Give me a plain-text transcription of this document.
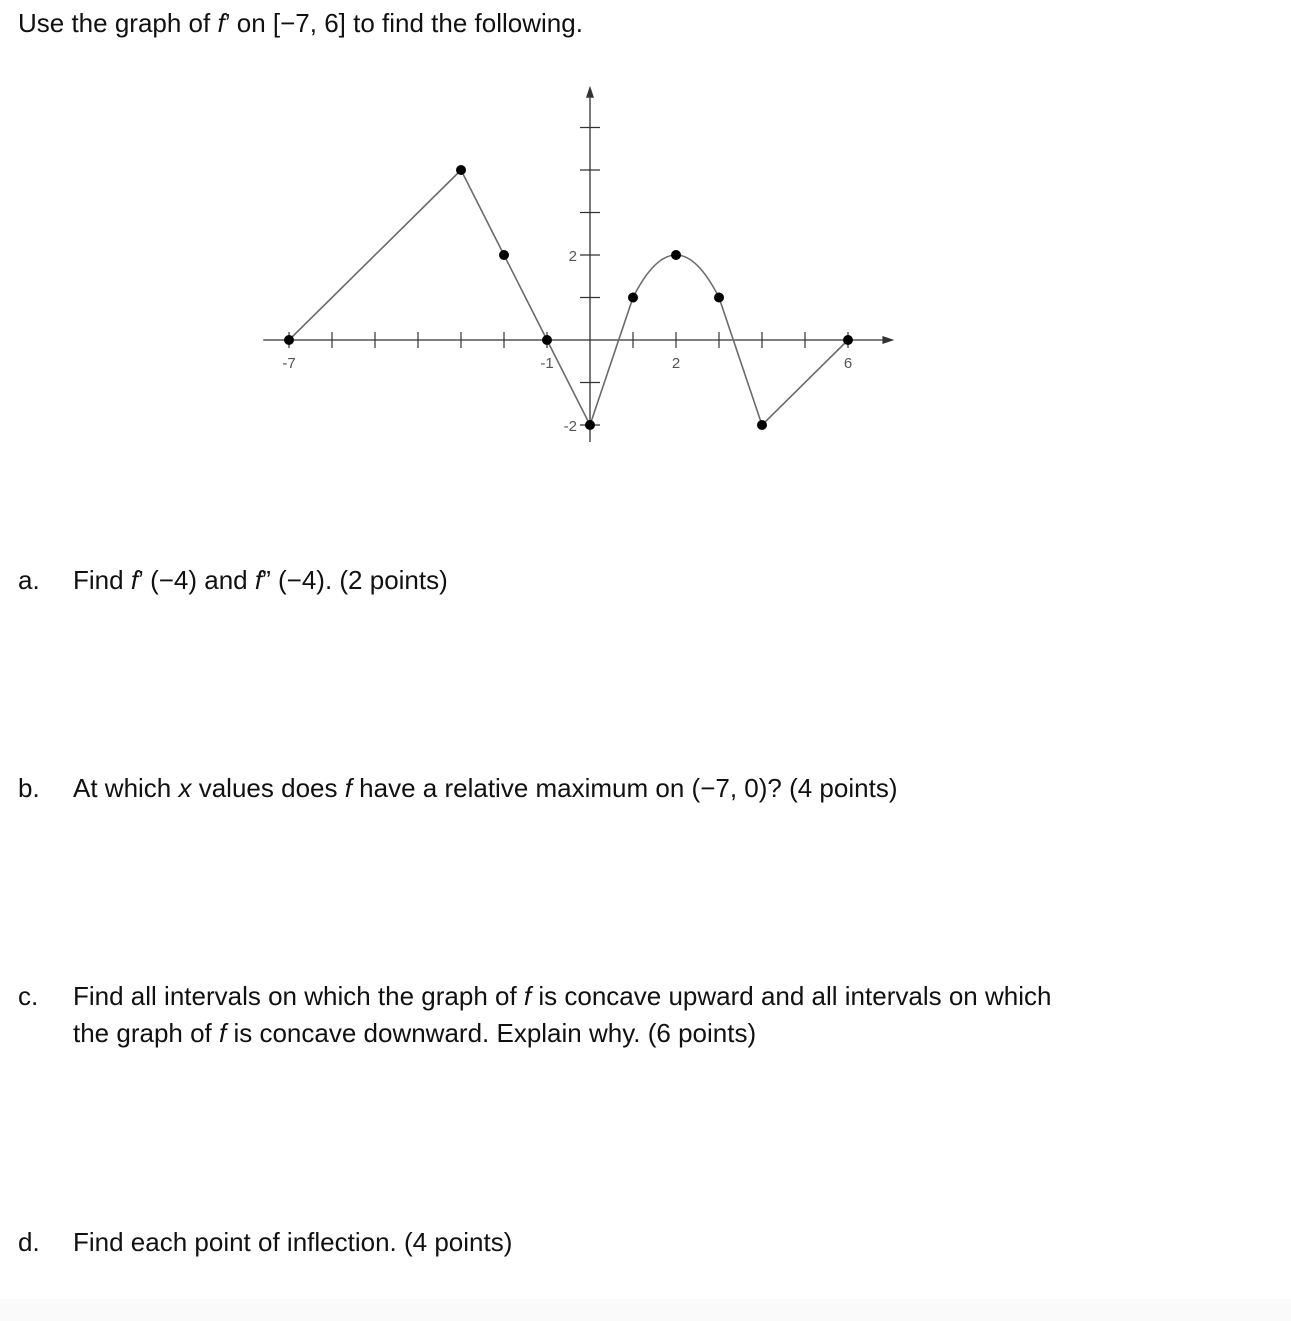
Use the graph of f’ on [−7, 6] to find the following.
-7	-1	2	6
2
-2
a.	Find f’ (−4) and f” (−4). (2 points)
b.	At which x values does f have a relative maximum on (−7, 0)? (4 points)
c.	Find all intervals on which the graph of f is concave upward and all intervals on which
the graph of f is concave downward. Explain why. (6 points)
d.	Find each point of inflection. (4 points)
